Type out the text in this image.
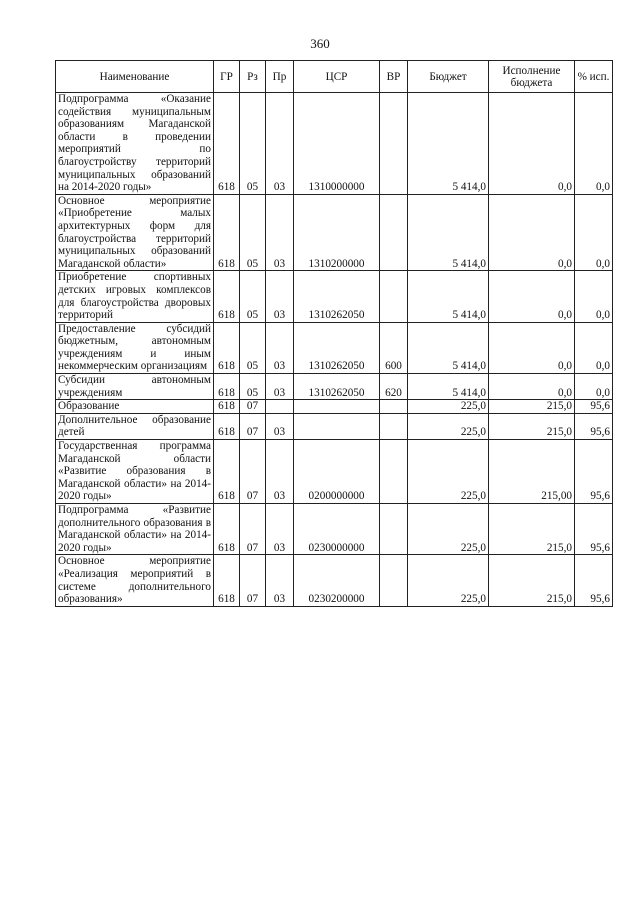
360
Наименование	ГР	Рз	Пр	ЦСР	ВР	Бюджет	Исполнение бюджета	% исп.
Подпрограмма «Оказание содействия муниципальным образованиям Магаданской области в проведении мероприятий по благоустройству территорий муниципальных образований на 2014-2020 годы»	618	05	03	1310000000		5 414,0	0,0	0,0
Основное мероприятие «Приобретение малых архитектурных форм для благоустройства территорий муниципальных образований Магаданской области»	618	05	03	1310200000		5 414,0	0,0	0,0
Приобретение спортивных детских игровых комплексов для благоустройства дворовых территорий	618	05	03	1310262050		5 414,0	0,0	0,0
Предоставление субсидий бюджетным, автономным учреждениям и иным некоммерческим организациям	618	05	03	1310262050	600	5 414,0	0,0	0,0
Субсидии автономным учреждениям	618	05	03	1310262050	620	5 414,0	0,0	0,0
Образование	618	07				225,0	215,0	95,6
Дополнительное образование детей	618	07	03			225,0	215,0	95,6
Государственная программа Магаданской области «Развитие образования в Магаданской области» на 2014-2020 годы»	618	07	03	0200000000		225,0	215,00	95,6
Подпрограмма «Развитие дополнительного образования в Магаданской области» на 2014-2020 годы»	618	07	03	0230000000		225,0	215,0	95,6
Основное мероприятие «Реализация мероприятий в системе дополнительного образования»	618	07	03	0230200000		225,0	215,0	95,6
